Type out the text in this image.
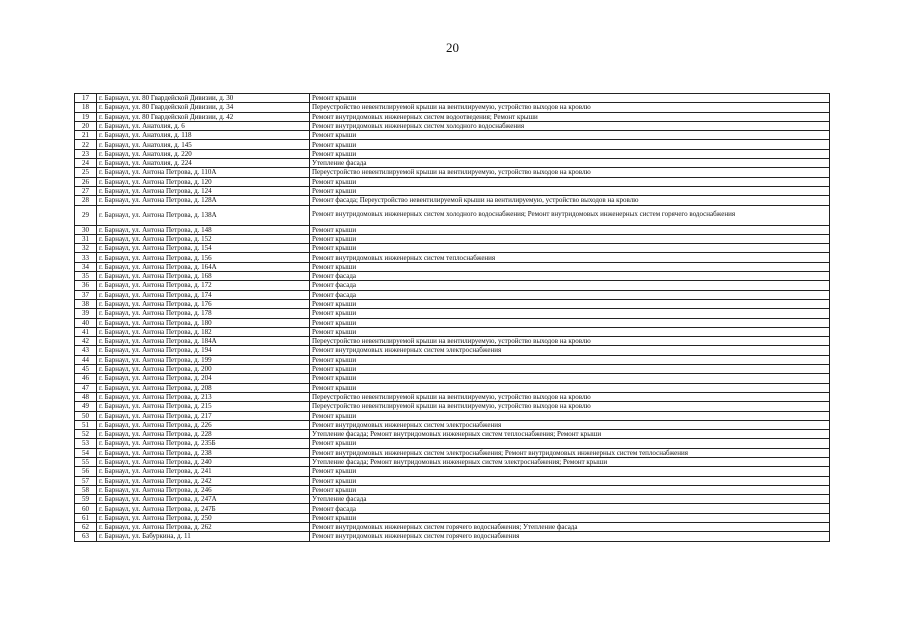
20
17	г. Барнаул, ул. 80 Гвардейской Дивизии, д. 30	Ремонт крыши
18	г. Барнаул, ул. 80 Гвардейской Дивизии, д. 34	Переустройство невентилируемой крыши на вентилируемую, устройство выходов на кровлю
19	г. Барнаул, ул. 80 Гвардейской Дивизии, д. 42	Ремонт внутридомовых инженерных систем водоотведения; Ремонт крыши
20	г. Барнаул, ул. Анатолия, д. 6	Ремонт внутридомовых инженерных систем холодного водоснабжения
21	г. Барнаул, ул. Анатолия, д. 118	Ремонт крыши
22	г. Барнаул, ул. Анатолия, д. 145	Ремонт крыши
23	г. Барнаул, ул. Анатолия, д. 220	Ремонт крыши
24	г. Барнаул, ул. Анатолия, д. 224	Утепление фасада
25	г. Барнаул, ул. Антона Петрова, д. 110А	Переустройство невентилируемой крыши на вентилируемую, устройство выходов на кровлю
26	г. Барнаул, ул. Антона Петрова, д. 120	Ремонт крыши
27	г. Барнаул, ул. Антона Петрова, д. 124	Ремонт крыши
28	г. Барнаул, ул. Антона Петрова, д. 128А	Ремонт фасада; Переустройство невентилируемой крыши на вентилируемую, устройство выходов на кровлю
29	г. Барнаул, ул. Антона Петрова, д. 138А	Ремонт внутридомовых инженерных систем холодного водоснабжения; Ремонт внутридомовых инженерных систем горячего водоснабжения
30	г. Барнаул, ул. Антона Петрова, д. 148	Ремонт крыши
31	г. Барнаул, ул. Антона Петрова, д. 152	Ремонт крыши
32	г. Барнаул, ул. Антона Петрова, д. 154	Ремонт крыши
33	г. Барнаул, ул. Антона Петрова, д. 156	Ремонт внутридомовых инженерных систем теплоснабжения
34	г. Барнаул, ул. Антона Петрова, д. 164А	Ремонт крыши
35	г. Барнаул, ул. Антона Петрова, д. 168	Ремонт фасада
36	г. Барнаул, ул. Антона Петрова, д. 172	Ремонт фасада
37	г. Барнаул, ул. Антона Петрова, д. 174	Ремонт фасада
38	г. Барнаул, ул. Антона Петрова, д. 176	Ремонт крыши
39	г. Барнаул, ул. Антона Петрова, д. 178	Ремонт крыши
40	г. Барнаул, ул. Антона Петрова, д. 180	Ремонт крыши
41	г. Барнаул, ул. Антона Петрова, д. 182	Ремонт крыши
42	г. Барнаул, ул. Антона Петрова, д. 184А	Переустройство невентилируемой крыши на вентилируемую, устройство выходов на кровлю
43	г. Барнаул, ул. Антона Петрова, д. 194	Ремонт внутридомовых инженерных систем электроснабжения
44	г. Барнаул, ул. Антона Петрова, д. 199	Ремонт крыши
45	г. Барнаул, ул. Антона Петрова, д. 200	Ремонт крыши
46	г. Барнаул, ул. Антона Петрова, д. 204	Ремонт крыши
47	г. Барнаул, ул. Антона Петрова, д. 208	Ремонт крыши
48	г. Барнаул, ул. Антона Петрова, д. 213	Переустройство невентилируемой крыши на вентилируемую, устройство выходов на кровлю
49	г. Барнаул, ул. Антона Петрова, д. 215	Переустройство невентилируемой крыши на вентилируемую, устройство выходов на кровлю
50	г. Барнаул, ул. Антона Петрова, д. 217	Ремонт крыши
51	г. Барнаул, ул. Антона Петрова, д. 226	Ремонт внутридомовых инженерных систем электроснабжения
52	г. Барнаул, ул. Антона Петрова, д. 228	Утепление фасада; Ремонт внутридомовых инженерных систем теплоснабжения; Ремонт крыши
53	г. Барнаул, ул. Антона Петрова, д. 235Б	Ремонт крыши
54	г. Барнаул, ул. Антона Петрова, д. 238	Ремонт внутридомовых инженерных систем электроснабжения; Ремонт внутридомовых инженерных систем теплоснабжения
55	г. Барнаул, ул. Антона Петрова, д. 240	Утепление фасада; Ремонт внутридомовых инженерных систем электроснабжения; Ремонт крыши
56	г. Барнаул, ул. Антона Петрова, д. 241	Ремонт крыши
57	г. Барнаул, ул. Антона Петрова, д. 242	Ремонт крыши
58	г. Барнаул, ул. Антона Петрова, д. 246	Ремонт крыши
59	г. Барнаул, ул. Антона Петрова, д. 247А	Утепление фасада
60	г. Барнаул, ул. Антона Петрова, д. 247Б	Ремонт фасада
61	г. Барнаул, ул. Антона Петрова, д. 250	Ремонт крыши
62	г. Барнаул, ул. Антона Петрова, д. 262	Ремонт внутридомовых инженерных систем горячего водоснабжения; Утепление фасада
63	г. Барнаул, ул. Бабуркина, д. 11	Ремонт внутридомовых инженерных систем горячего водоснабжения
